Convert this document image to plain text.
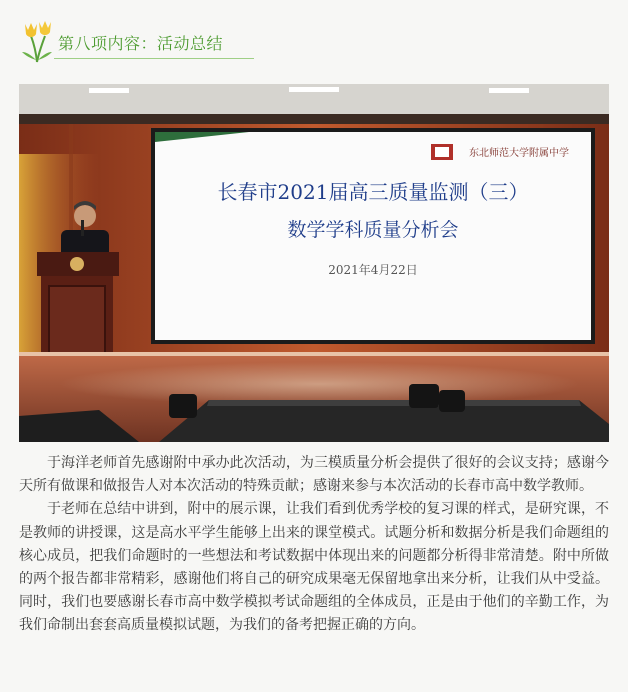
第八项内容：活动总结
东北师范大学附属中学
长春市2021届高三质量监测（三）
数学学科质量分析会
2021年4月22日

于海洋老师首先感谢附中承办此次活动，为三模质量分析会提供了很好的会议支持；感谢今天所有做课和做报告人对本次活动的特殊贡献；感谢来参与本次活动的长春市高中数学教师。

于老师在总结中讲到，附中的展示课，让我们看到优秀学校的复习课的样式，是研究课，不是教师的讲授课，这是高水平学生能够上出来的课堂模式。试题分析和数据分析是我们命题组的核心成员，把我们命题时的一些想法和考试数据中体现出来的问题都分析得非常清楚。附中所做的两个报告都非常精彩，感谢他们将自己的研究成果毫无保留地拿出来分析，让我们从中受益。同时，我们也要感谢长春市高中数学模拟考试命题组的全体成员，正是由于他们的辛勤工作，为我们命制出套套高质量模拟试题，为我们的备考把握正确的方向。
